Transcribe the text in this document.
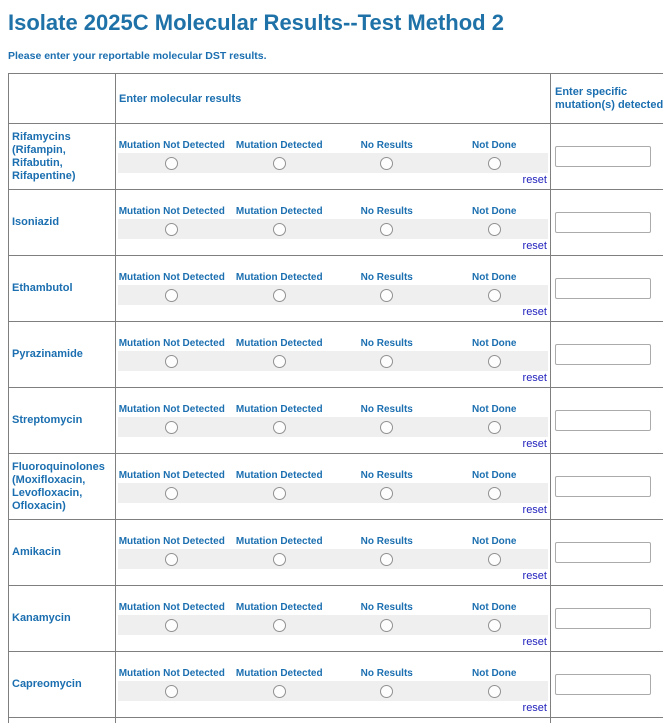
Isolate 2025C Molecular Results--Test Method 2

Please enter your reportable molecular DST results.

	Enter molecular results	Enter specific mutation(s) detected
Rifamycins (Rifampin, Rifabutin, Rifapentine)	Mutation Not Detected Mutation Detected No Results Not Done
reset

Isoniazid	Mutation Not Detected Mutation Detected No Results Not Done
reset

Ethambutol	Mutation Not Detected Mutation Detected No Results Not Done
reset

Pyrazinamide	Mutation Not Detected Mutation Detected No Results Not Done
reset

Streptomycin	Mutation Not Detected Mutation Detected No Results Not Done
reset

Fluoroquinolones (Moxifloxacin, Levofloxacin, Ofloxacin)	Mutation Not Detected Mutation Detected No Results Not Done
reset

Amikacin	Mutation Not Detected Mutation Detected No Results Not Done
reset

Kanamycin	Mutation Not Detected Mutation Detected No Results Not Done
reset

Capreomycin	Mutation Not Detected Mutation Detected No Results Not Done
reset
